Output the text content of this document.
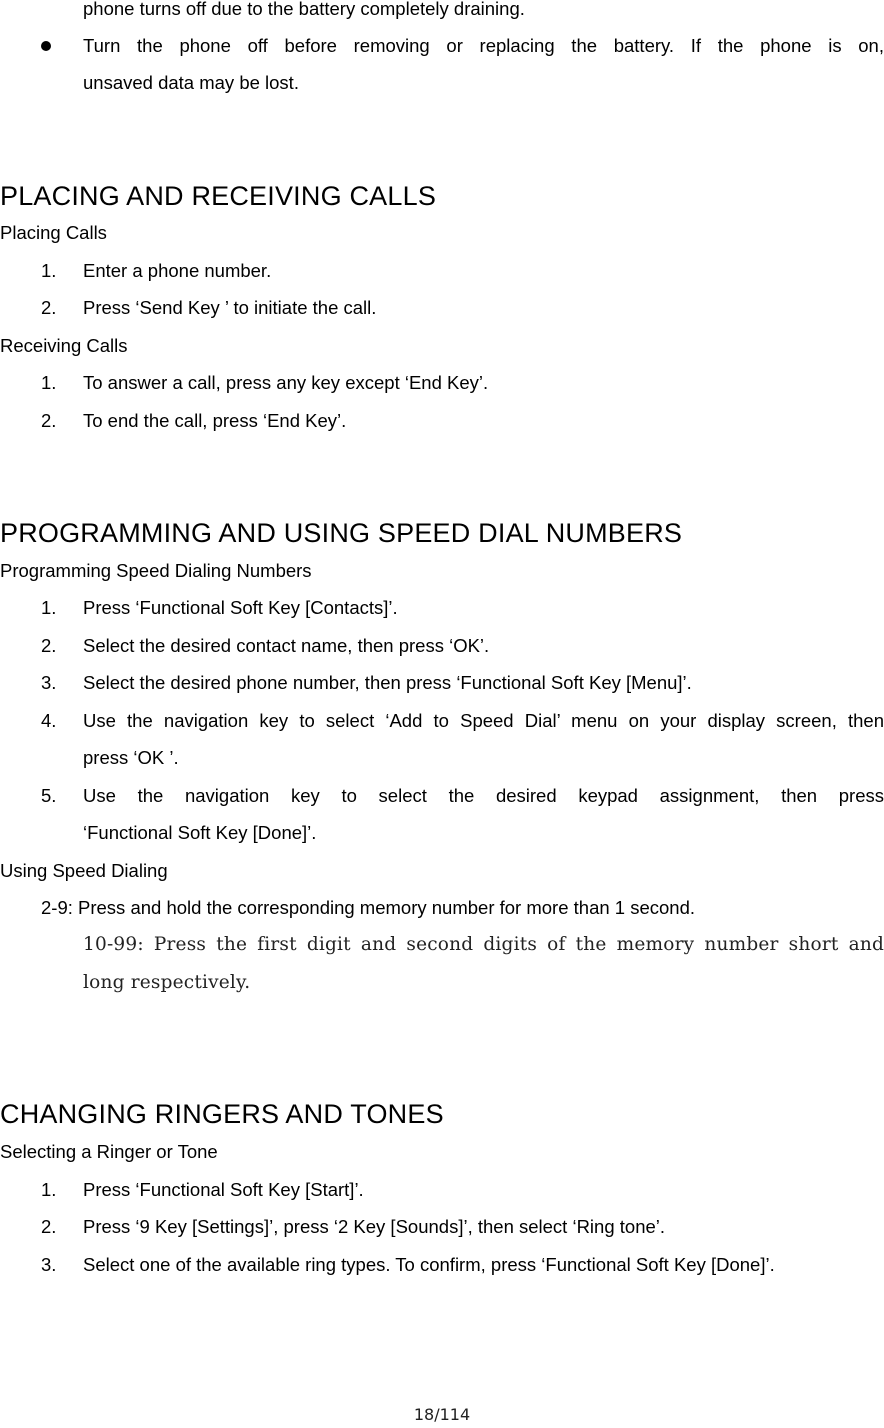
phone turns off due to the battery completely draining.
Turn the phone off before removing or replacing the battery. If the phone is on,
unsaved data may be lost.
PLACING AND RECEIVING CALLS
Placing Calls
1. Enter a phone number.
2. Press ‘Send Key ’ to initiate the call.
Receiving Calls
1. To answer a call, press any key except ‘End Key’.
2. To end the call, press ‘End Key’.
PROGRAMMING AND USING SPEED DIAL NUMBERS
Programming Speed Dialing Numbers
1. Press ‘Functional Soft Key [Contacts]’.
2. Select the desired contact name, then press ‘OK’.
3. Select the desired phone number, then press ‘Functional Soft Key [Menu]’.
4. Use the navigation key to select ‘Add to Speed Dial’ menu on your display screen, then
press ‘OK ’.
5. Use the navigation key to select the desired keypad assignment, then press
‘Functional Soft Key [Done]’.
Using Speed Dialing
2-9: Press and hold the corresponding memory number for more than 1 second.
10-99: Press the first digit and second digits of the memory number short and
long respectively.
CHANGING RINGERS AND TONES
Selecting a Ringer or Tone
1. Press ‘Functional Soft Key [Start]’.
2. Press ‘9 Key [Settings]’, press ‘2 Key [Sounds]’, then select ‘Ring tone’.
3. Select one of the available ring types. To confirm, press ‘Functional Soft Key [Done]’.
18/114
